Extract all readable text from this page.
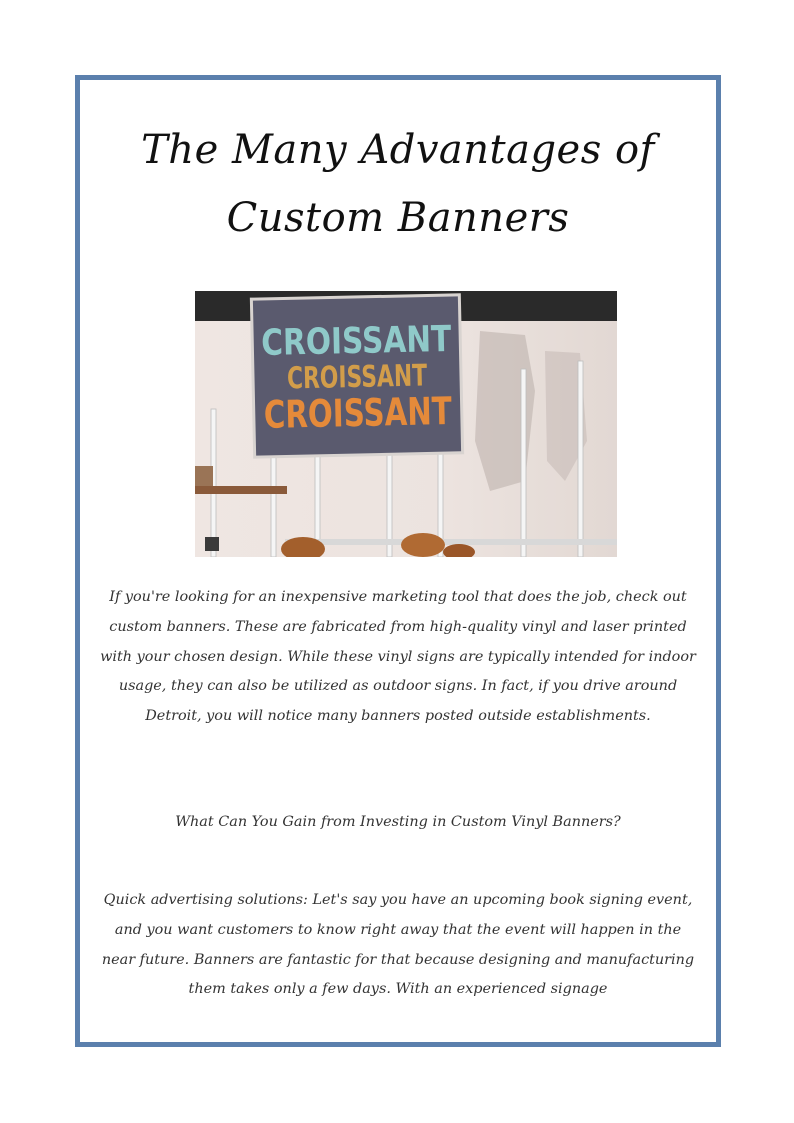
The Many Advantages of Custom Banners
CROISSANT
CROISSANT
CROISSANT

If you're looking for an inexpensive marketing tool that does the job, check out custom banners. These are fabricated from high-quality vinyl and laser printed with your chosen design. While these vinyl signs are typically intended for indoor usage, they can also be utilized as outdoor signs. In fact, if you drive around Detroit, you will notice many banners posted outside establishments.

What Can You Gain from Investing in Custom Vinyl Banners?

Quick advertising solutions: Let's say you have an upcoming book signing event, and you want customers to know right away that the event will happen in the near future. Banners are fantastic for that because designing and manufacturing them takes only a few days. With an experienced signage
